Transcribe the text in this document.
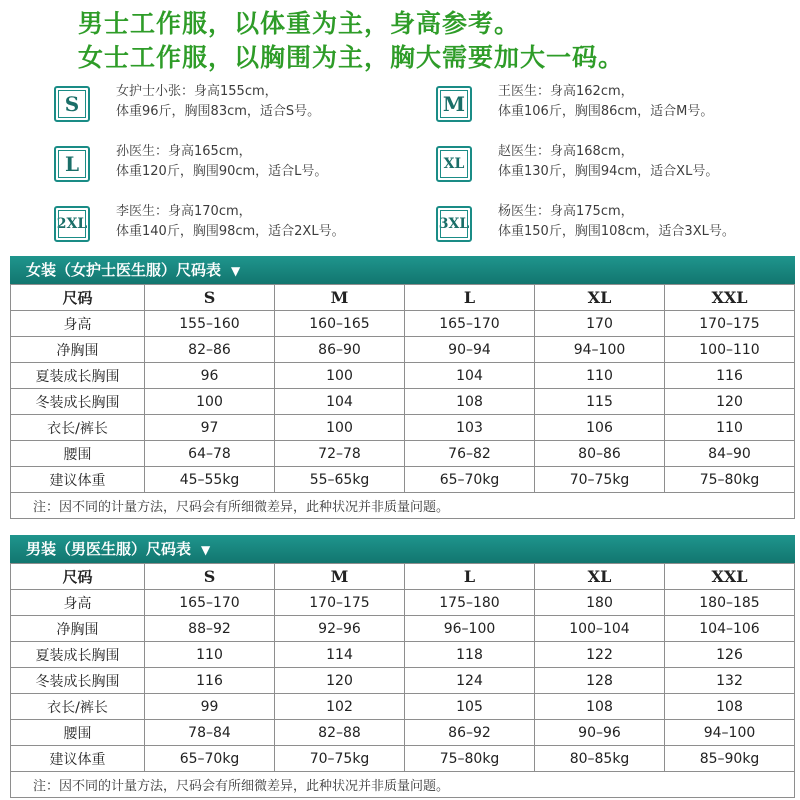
男士工作服，以体重为主，身高参考。
女士工作服，以胸围为主，胸大需要加大一码。
S
女护士小张：身高155cm，
体重96斤，胸围83cm，适合S号。	M
王医生：身高162cm，
体重106斤，胸围86cm，适合M号。
L
孙医生：身高165cm，
体重120斤，胸围90cm，适合L号。	XL
赵医生：身高168cm，
体重130斤，胸围94cm，适合XL号。
2XL
李医生：身高170cm，
体重140斤，胸围98cm，适合2XL号。	3XL
杨医生：身高175cm，
体重150斤，胸围108cm，适合3XL号。
女装（女护士医生服）尺码表 ▼
尺码	S	M	L	XL	XXL
身高	155–160	160–165	165–170	170	170–175
净胸围	82–86	86–90	90–94	94–100	100–110
夏装成长胸围	96	100	104	110	116
冬装成长胸围	100	104	108	115	120
衣长/裤长	97	100	103	106	110
腰围	64–78	72–78	76–82	80–86	84–90
建议体重	45–55kg	55–65kg	65–70kg	70–75kg	75–80kg
注：因不同的计量方法，尺码会有所细微差异，此种状况并非质量问题。					
男装（男医生服）尺码表 ▼
尺码	S	M	L	XL	XXL
身高	165–170	170–175	175–180	180	180–185
净胸围	88–92	92–96	96–100	100–104	104–106
夏装成长胸围	110	114	118	122	126
冬装成长胸围	116	120	124	128	132
衣长/裤长	99	102	105	108	108
腰围	78–84	82–88	86–92	90–96	94–100
建议体重	65–70kg	70–75kg	75–80kg	80–85kg	85–90kg
注：因不同的计量方法，尺码会有所细微差异，此种状况并非质量问题。					
